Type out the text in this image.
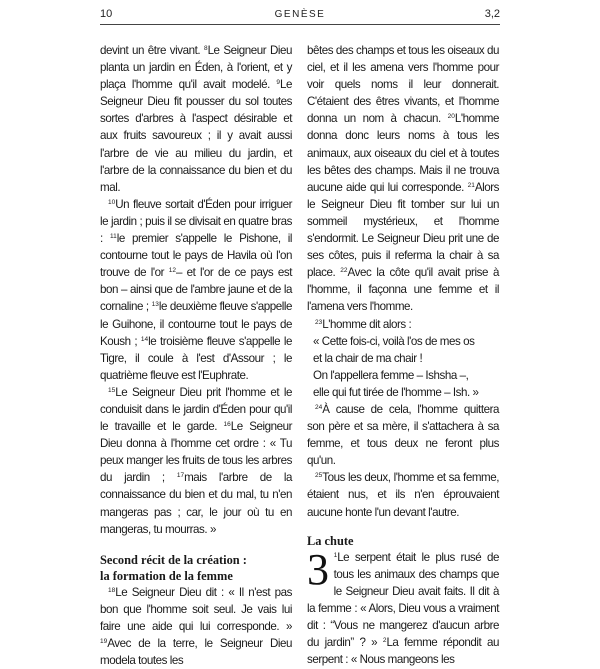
10	GENÈSE	3,2

devint un être vivant. $^8$Le Seigneur Dieu planta un jardin en Éden, à l'orient, et y plaça l'homme qu'il avait modelé. $^9$Le Seigneur Dieu fit pousser du sol toutes sortes d'arbres à l'aspect désirable et aux fruits savoureux ; il y avait aussi l'arbre de vie au milieu du jardin, et l'arbre de la connaissance du bien et du mal.

$^{10}$Un fleuve sortait d'Éden pour irriguer le jardin ; puis il se divisait en quatre bras : $^{11}$le premier s'appelle le Pishone, il contourne tout le pays de Havila où l'on trouve de l'or $^{12}$– et l'or de ce pays est bon – ainsi que de l'ambre jaune et de la cornaline ; $^{13}$le deuxième fleuve s'appelle le Guihone, il contourne tout le pays de Koush ; $^{14}$le troisième fleuve s'appelle le Tigre, il coule à l'est d'Assour ; le quatrième fleuve est l'Euphrate.

$^{15}$Le Seigneur Dieu prit l'homme et le conduisit dans le jardin d'Éden pour qu'il le travaille et le garde. $^{16}$Le Seigneur Dieu donna à l'homme cet ordre : « Tu peux manger les fruits de tous les arbres du jardin ; $^{17}$mais l'arbre de la connaissance du bien et du mal, tu n'en mangeras pas ; car, le jour où tu en mangeras, tu mourras. »

Second récit de la création :
la formation de la femme

$^{18}$Le Seigneur Dieu dit : « Il n'est pas bon que l'homme soit seul. Je vais lui faire une aide qui lui corresponde. » $^{19}$Avec de la terre, le Seigneur Dieu modela toutes les

bêtes des champs et tous les oiseaux du ciel, et il les amena vers l'homme pour voir quels noms il leur donnerait. C'étaient des êtres vivants, et l'homme donna un nom à chacun. $^{20}$L'homme donna donc leurs noms à tous les animaux, aux oiseaux du ciel et à toutes les bêtes des champs. Mais il ne trouva aucune aide qui lui corresponde. $^{21}$Alors le Seigneur Dieu fit tomber sur lui un sommeil mystérieux, et l'homme s'endormit. Le Seigneur Dieu prit une de ses côtes, puis il referma la chair à sa place. $^{22}$Avec la côte qu'il avait prise à l'homme, il façonna une femme et il l'amena vers l'homme.

$^{23}$L'homme dit alors :

« Cette fois-ci, voilà l'os de mes os

et la chair de ma chair !

On l'appellera femme – Ishsha –,

elle qui fut tirée de l'homme – Ish. »

$^{24}$À cause de cela, l'homme quittera son père et sa mère, il s'attachera à sa femme, et tous deux ne feront plus qu'un.

$^{25}$Tous les deux, l'homme et sa femme, étaient nus, et ils n'en éprouvaient aucune honte l'un devant l'autre.

La chute

3 $^1$Le serpent était le plus rusé de tous les animaux des champs que le Seigneur Dieu avait faits. Il dit à la femme : « Alors, Dieu vous a vraiment dit : “Vous ne mangerez d'aucun arbre du jardin” ? » $^2$La femme répondit au serpent : « Nous mangeons les
